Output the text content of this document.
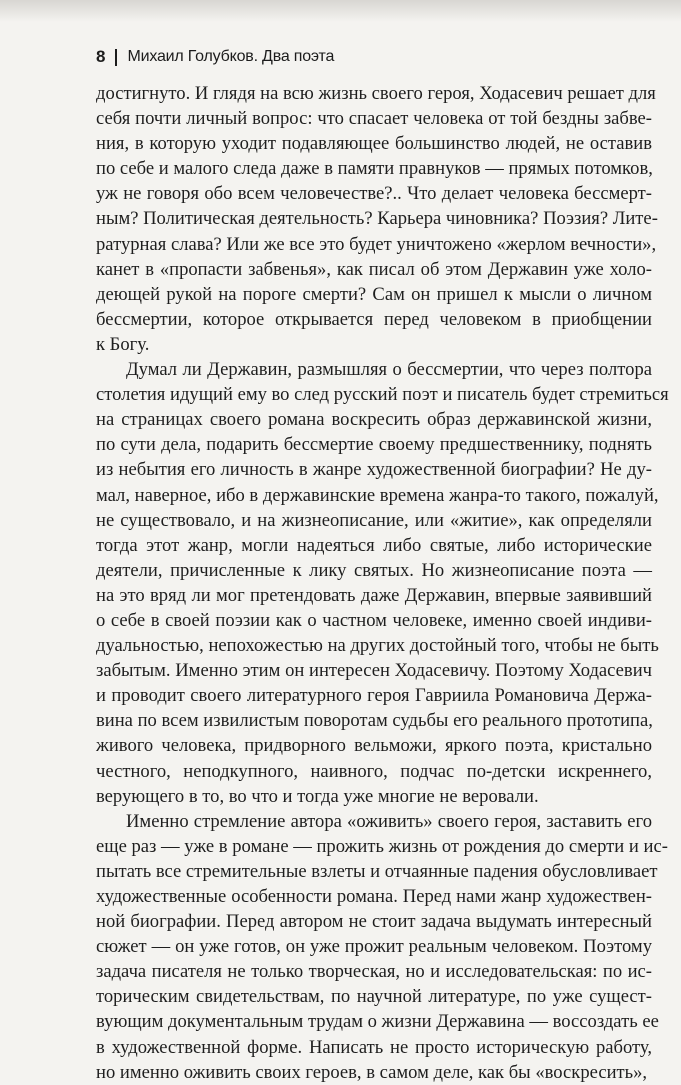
8 Михаил Голубков. Два поэта
достигнуто. И глядя на всю жизнь своего героя, Ходасевич решает для
себя почти личный вопрос: что спасает человека от той бездны забве-
ния, в которую уходит подавляющее большинство людей, не оставив
по себе и малого следа даже в памяти правнуков — прямых потомков,
уж не говоря обо всем человечестве?.. Что делает человека бессмерт-
ным? Политическая деятельность? Карьера чиновника? Поэзия? Лите-
ратурная слава? Или же все это будет уничтожено «жерлом вечности»,
канет в «пропасти забвенья», как писал об этом Державин уже холо-
деющей рукой на пороге смерти? Сам он пришел к мысли о личном
бессмертии, которое открывается перед человеком в приобщении
к Богу.
Думал ли Державин, размышляя о бессмертии, что через полтора
столетия идущий ему во след русский поэт и писатель будет стремиться
на страницах своего романа воскресить образ державинской жизни,
по сути дела, подарить бессмертие своему предшественнику, поднять
из небытия его личность в жанре художественной биографии? Не ду-
мал, наверное, ибо в державинские времена жанра-то такого, пожалуй,
не существовало, и на жизнеописание, или «житие», как определяли
тогда этот жанр, могли надеяться либо святые, либо исторические
деятели, причисленные к лику святых. Но жизнеописание поэта —
на это вряд ли мог претендовать даже Державин, впервые заявивший
о себе в своей поэзии как о частном человеке, именно своей индиви-
дуальностью, непохожестью на других достойный того, чтобы не быть
забытым. Именно этим он интересен Ходасевичу. Поэтому Ходасевич
и проводит своего литературного героя Гавриила Романовича Держа-
вина по всем извилистым поворотам судьбы его реального прототипа,
живого человека, придворного вельможи, яркого поэта, кристально
честного, неподкупного, наивного, подчас по-детски искреннего,
верующего в то, во что и тогда уже многие не веровали.
Именно стремление автора «оживить» своего героя, заставить его
еще раз — уже в романе — прожить жизнь от рождения до смерти и ис-
пытать все стремительные взлеты и отчаянные падения обусловливает
художественные особенности романа. Перед нами жанр художествен-
ной биографии. Перед автором не стоит задача выдумать интересный
сюжет — он уже готов, он уже прожит реальным человеком. Поэтому
задача писателя не только творческая, но и исследовательская: по ис-
торическим свидетельствам, по научной литературе, по уже сущест-
вующим документальным трудам о жизни Державина — воссоздать ее
в художественной форме. Написать не просто историческую работу,
но именно оживить своих героев, в самом деле, как бы «воскресить»,
